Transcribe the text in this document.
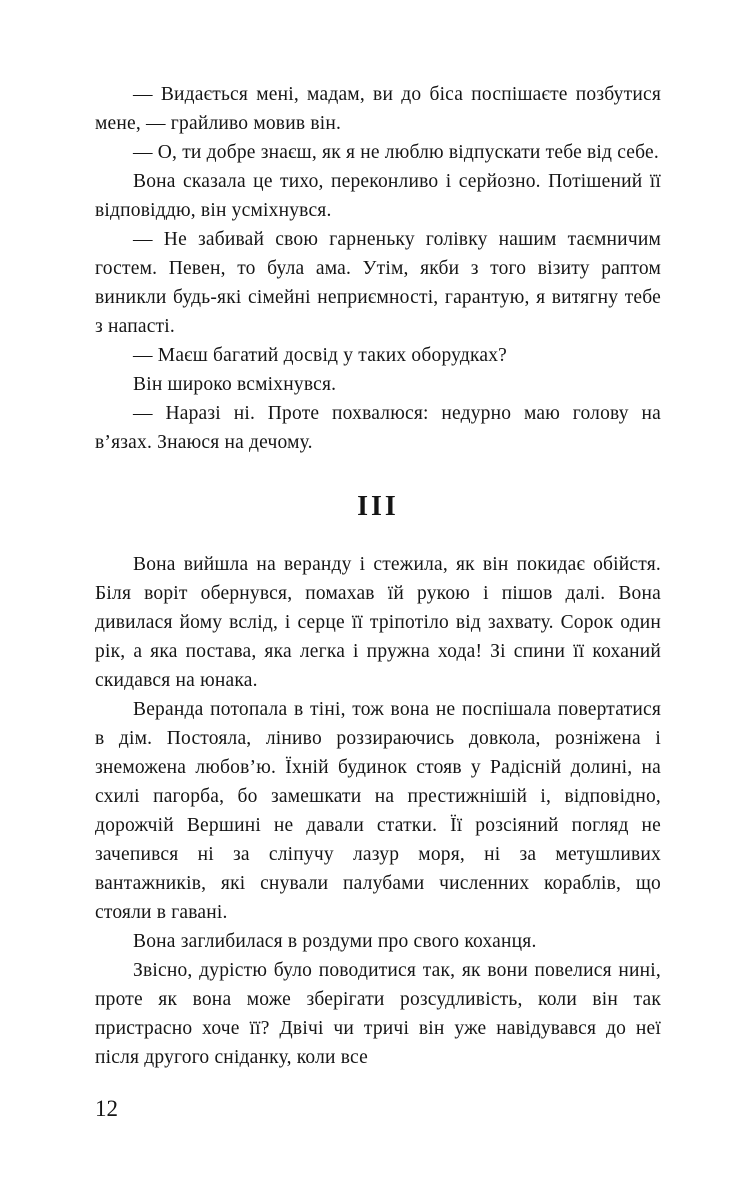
— Видається мені, мадам, ви до біса поспішаєте позбутися мене, — грайливо мовив він.

— О, ти добре знаєш, як я не люблю відпускати тебе від себе.

Вона сказала це тихо, переконливо і серйозно. Потішений її відповіддю, він усміхнувся.

— Не забивай свою гарненьку голівку нашим таємничим гостем. Певен, то була ама. Утім, якби з того візиту раптом виникли будь-які сімейні неприємності, гарантую, я витягну тебе з напасті.

— Маєш багатий досвід у таких оборудках?

Він широко всміхнувся.

— Наразі ні. Проте похвалюся: недурно маю голову на в’язах. Знаюся на дечому.

III

Вона вийшла на веранду і стежила, як він покидає обійстя. Біля воріт обернувся, помахав їй рукою і пішов далі. Вона дивилася йому вслід, і серце її тріпотіло від захвату. Сорок один рік, а яка постава, яка легка і пружна хода! Зі спини її коханий скидався на юнака.

Веранда потопала в тіні, тож вона не поспішала повертатися в дім. Постояла, ліниво роззираючись довкола, розніжена і знеможена любов’ю. Їхній будинок стояв у Радісній долині, на схилі пагорба, бо замешкати на престижнішій і, відповідно, дорожчій Вершині не давали статки. Її розсіяний погляд не зачепився ні за сліпучу лазур моря, ні за метушливих вантажників, які снували палубами численних кораблів, що стояли в гавані.

Вона заглибилася в роздуми про свого коханця.

Звісно, дурістю було поводитися так, як вони повелися нині, проте як вона може зберігати розсудливість, коли він так пристрасно хоче її? Двічі чи тричі він уже навідувався до неї після другого сніданку, коли все

12
